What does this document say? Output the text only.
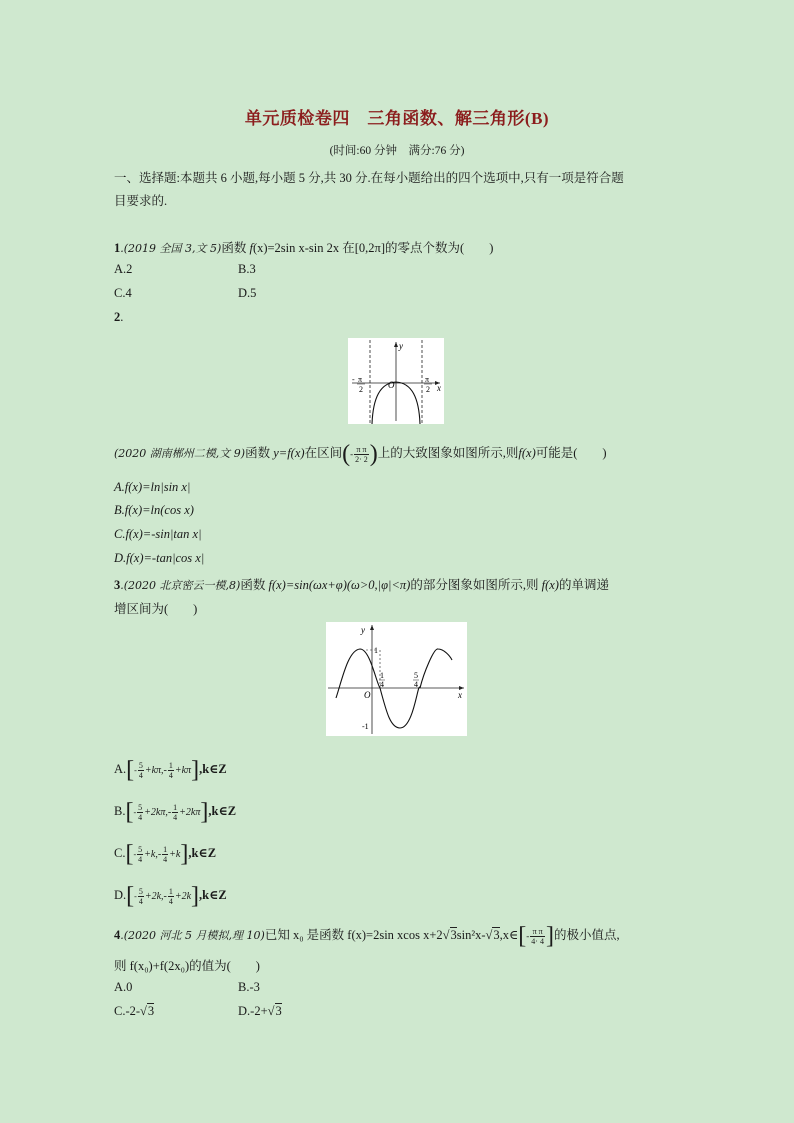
单元质检卷四　三角函数、解三角形(B)
(时间:60 分钟　满分:76 分)
一、选择题:本题共 6 小题,每小题 5 分,共 30 分.在每小题给出的四个选项中,只有一项是符合题
目要求的.
1.(2019 全国 3,文 5)函数 f(x)=2sin x-sin 2x 在[0,2π]的零点个数为(　　)
A.2	B.3
C.4	D.5
2.
O
y
x
- π
2
π
2
(2020 湖南郴州二模,文 9)函数 y=f(x)在区间(- $\frac{\text{π π}}{2\cdot 2}$ )上的大致图象如图所示,则f(x)可能是(　　)
A.f(x)=ln|sin x|
B.f(x)=ln(cos x)
C.f(x)=-sin|tan x|
D.f(x)=-tan|cos x|
3.(2020 北京密云一模,8)函数 f(x)=sin(ωx+φ)(ω>0,|φ|<π)的部分图象如图所示,则 f(x)的单调递
增区间为(　　)
O
y
x
1
-1
1
4
5
4
$A.[- \frac{5}{4} +k\pi,- \frac{1}{4}$ +kπ],k∈Z
$B.[- \frac{5}{4} +2k\pi,- \frac{1}{4}$ +2kπ],k∈Z
$C.[- \frac{5}{4} +k,- \frac{1}{4}$ +k],k∈Z
$D.[- \frac{5}{4} +2k,- \frac{1}{4}$ +2k],k∈Z
4.(2020 河北 5 月模拟,理 10)已知 x₀ 是函数 f(x)=2sin xcos x+2√3sin²x-√3,x∈[- $\frac{\text{π π}}{4\cdot 4}$ ]的极小值点,
则 f(x₀)+f(2x₀)的值为(　　)
A.0	B.-3
C.-2-√3	D.-2+√3
